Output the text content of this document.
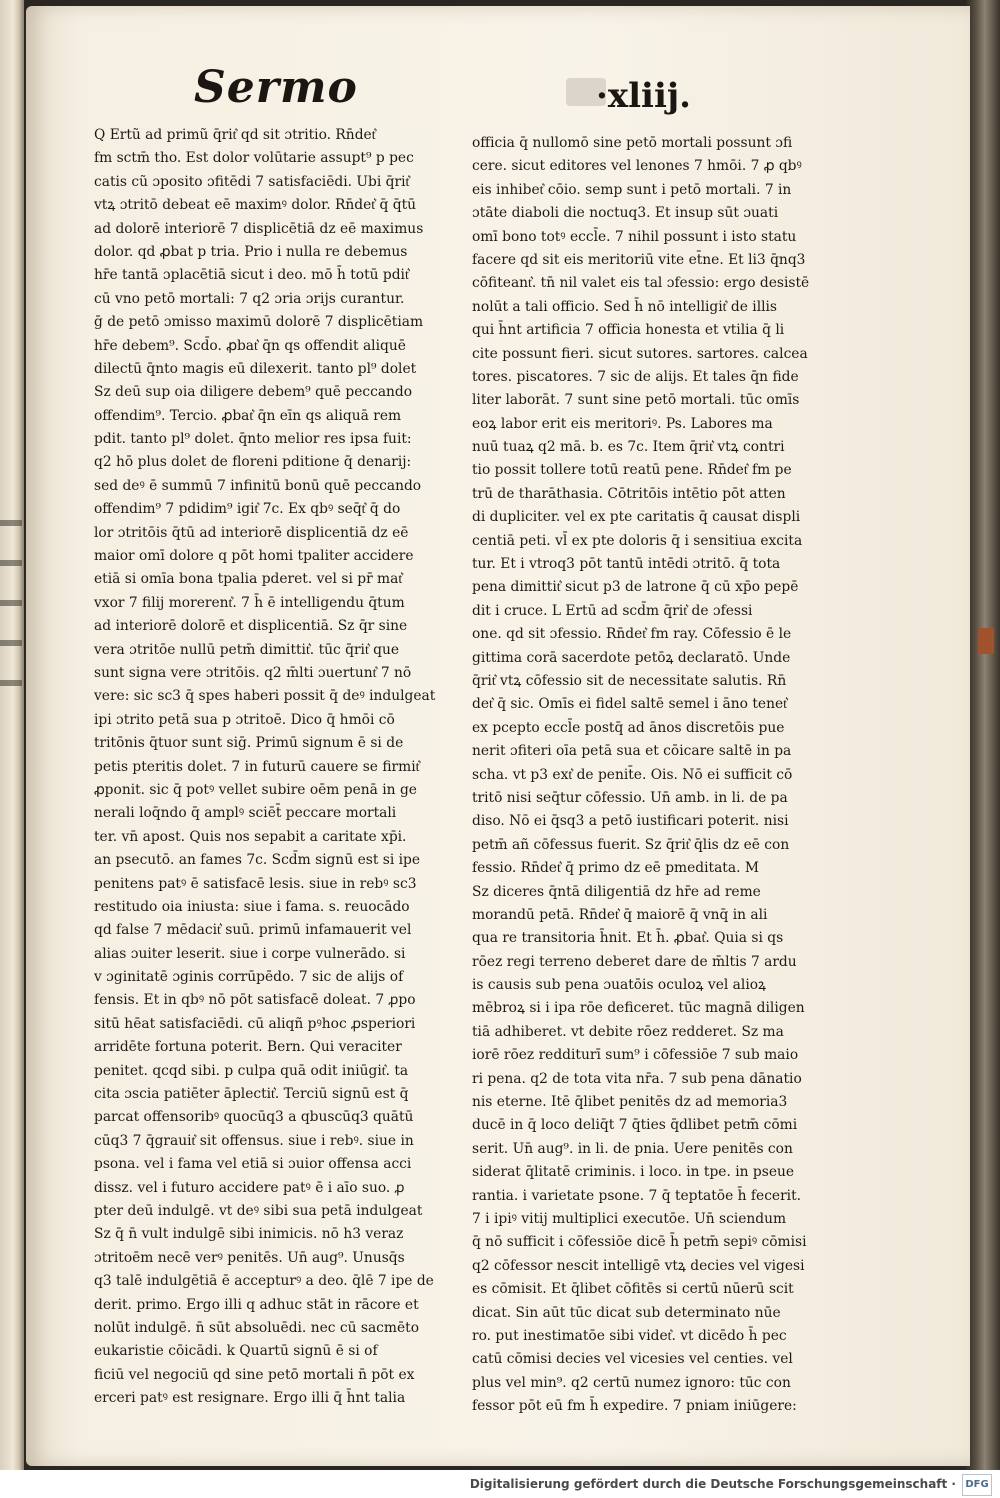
Sermo	·xliij.
Q Ertũ ad primũ q̄rit͛ qd sit ɔtritio. Rn̄det͛
fm sctm̄ tho. Est dolor volūtarie assupt⁹ p pec
catis cũ ɔposito ɔfitēdi 7 satisfaciēdi. Ubi q̄rit͛
vtꝝ ɔtritō debeat eē maximꝰ dolor. Rn̄det͛ q̄ q̄tū
ad dolorē interiorē 7 displicētiā dz eē maximus
dolor. qd ꝓbat p tria. Prio i nulla re debemus
hr̄e tantā ɔplacētiā sicut i deo. mō h̄ totū pdit͛
cū vno petō mortali: 7 q2 ɔria ɔrijs curantur.
ḡ de petō ɔmisso maximū dolorē 7 displicētiam
hr̄e debem⁹. Scd̄o. ꝓbat͛ q̄n qs offendit aliquē
dilectū q̄nto magis eū dilexerit. tanto pl⁹ dolet
Sz deū sup oia diligere debem⁹ quē peccando
offendim⁹. Tercio. ꝓbat͛ q̄n eīn qs aliquā rem
pdit. tanto pl⁹ dolet. q̄nto melior res ipsa fuit:
q2 hō plus dolet de floreni pditione q̄ denarij:
sed deꝰ ē summū 7 infinitū bonū quē peccando
offendim⁹ 7 pdidim⁹ igit͛ 7c. Ex qbꝰ seq̄t͛ q̄ do
lor ɔtritōis q̄tū ad interiorē displicentiā dz eē
maior omī dolore q pōt homi tpaliter accidere
etiā si omīa bona tpalia pderet. vel si pr̄ mat͛
vxor 7 filij morerent͛. 7 h̄ ē intelligendu q̄tum
ad interiorē dolorē et displicentiā. Sz q̄r sine
vera ɔtritōe nullū petm̄ dimittit͛. tūc q̄rit͛ que
sunt signa vere ɔtritōis. q2 m̄lti ɔuertunt͛ 7 nō
vere: sic sc3 q̄ spes haberi possit q̄ deꝰ indulgeat
ipi ɔtrito petā sua p ɔtritoē. Dico q̄ hmōi cō
tritōnis q̄tuor sunt siḡ. Primū signum ē si de
petis pteritis dolet. 7 in futurū cauere se firmit͛
ꝓponit. sic q̄ potꝰ vellet subire oēm penā in ge
nerali loq̄ndo q̄ amplꝰ sciēt̄ peccare mortali
ter. vn̄ apost. Quis nos sepabit a caritate xp̄i.
an psecutō. an fames 7c. Scd̄m signū est si ipe
penitens patꝰ ē satisfacē lesis. siue in rebꝰ sc3
restitudo oia iniusta: siue i fama. s. reuocādo
qd false 7 mēdacit͛ suū. primū infamauerit vel
alias ɔuiter leserit. siue i corpe vulnerādo. si
v ɔginitatē ɔginis corrūpēdo. 7 sic de alijs of
fensis. Et in qbꝰ nō pōt satisfacē doleat. 7 ꝓpo
sitū hēat satisfaciēdi. cū aliqñ pꝰhoc ꝓsperiori
arridēte fortuna poterit. Bern. Qui veraciter
penitet. qcqd sibi. p culpa quā odit iniūgit͛. ta
cita ɔscia patiēter āplectit͛. Terciū signū est q̄
parcat offensoribꝰ quocūq3 a qbuscūq3 quātū
cūq3 7 q̄grauit͛ sit offensus. siue i rebꝰ. siue in
psona. vel i fama vel etiā si ɔuior offensa acci
dissz. vel i futuro accidere patꝰ ē i aīo suo. ꝓ
pter deū indulgē. vt deꝰ sibi sua petā indulgeat
Sz q̄ n̄ vult indulgē sibi inimicis. nō h3 veraz
ɔtritoēm necē verꝰ penitēs. Un̄ aug⁹. Unusq̄s
q3 talē indulgētiā ē accepturꝰ a deo. q̄lē 7 ipe de
derit. primo. Ergo illi q adhuc stāt in rācore et
nolūt indulgē. n̄ sūt absoluēdi. nec cū sacmēto
eukaristie cōicādi. k Quartū signū ē si of
ficiū vel negociū qd sine petō mortali n̄ pōt ex
erceri patꝰ est resignare. Ergo illi q̄ h̄nt talia
officia q̄ nullomō sine petō mortali possunt ɔfi
cere. sicut editores vel lenones 7 hmōi. 7 ꝓ qbꝰ
eis inhibet͛ cōio. semp sunt i petō mortali. 7 in
ɔtāte diaboli die noctuq3. Et insup sūt ɔuati
omī bono totꝰ eccl̄e. 7 nihil possunt i isto statu
facere qd sit eis meritoriū vite et̄ne. Et li3 q̄nq3
cōfiteant͛. tn̄ nil valet eis tal ɔfessio: ergo desistē
nolūt a tali officio. Sed h̄ nō intelligit͛ de illis
qui h̄nt artificia 7 officia honesta et vtilia q̄ li
cite possunt fieri. sicut sutores. sartores. calcea
tores. piscatores. 7 sic de alijs. Et tales q̄n fide
liter laborāt. 7 sunt sine petō mortali. tūc omīs
eoꝝ labor erit eis meritoriꝰ. Ps. Labores ma
nuū tuaꝝ q2 mā. b. es 7c. Item q̄rit͛ vtꝝ contri
tio possit tollere totū reatū pene. Rn̄det͛ fm pe
trū de tharāthasia. Cōtritōis intētio pōt atten
di dupliciter. vel ex pte caritatis q̄ causat displi
centiā peti. vl̄ ex pte doloris q̄ i sensitiua excita
tur. Et i vtroq3 pōt tantū intēdi ɔtritō. q̄ tota
pena dimittit͛ sicut p3 de latrone q̄ cū xp̄o pepē
dit i cruce. L Ertū ad scd̄m q̄rit͛ de ɔfessi
one. qd sit ɔfessio. Rn̄det͛ fm ray. Cōfessio ē le
gittima corā sacerdote petōꝝ declaratō. Unde
q̄rit͛ vtꝝ cōfessio sit de necessitate salutis. Rn̄
det͛ q̄ sic. Omīs ei fidel saltē semel i āno tenet͛
ex pcepto eccl̄e postq̄ ad ānos discretōis pue
nerit ɔfiteri oīa petā sua et cōicare saltē in pa
scha. vt p3 ext͛ de penit̄e. Ois. Nō ei sufficit cō
tritō nisi seq̄tur cōfessio. Un̄ amb. in li. de pa
diso. Nō ei q̄sq3 a petō iustificari poterit. nisi
petm̄ añ cōfessus fuerit. Sz q̄rit͛ q̄lis dz eē con
fessio. Rn̄det͛ q̄ primo dz eē pmeditata. M
Sz diceres q̄ntā diligentiā dz hr̄e ad reme
morandū petā. Rn̄det͛ q̄ maiorē q̄ vnq̄ in ali
qua re transitoria h̄nit. Et h̄. ꝓbat͛. Quia si qs
rōez regi terreno deberet dare de m̄ltis 7 ardu
is causis sub pena ɔuatōis oculoꝝ vel alioꝝ
mēbroꝝ si i ipa rōe deficeret. tūc magnā diligen
tiā adhiberet. vt debite rōez redderet. Sz ma
iorē rōez redditurī sum⁹ i cōfessiōe 7 sub maio
ri pena. q2 de tota vita nr̄a. 7 sub pena dānatio
nis eterne. Itē q̄libet penitēs dz ad memoria3
ducē in q̄ loco deliq̄t 7 q̄ties q̄dlibet petm̄ cōmi
serit. Un̄ aug⁹. in li. de pnia. Uere penitēs con
siderat q̄litatē criminis. i loco. in tpe. in pseue
rantia. i varietate psone. 7 q̄ teptatōe h̄ fecerit.
7 i ipiꝰ vitij multiplici executōe. Un̄ sciendum
q̄ nō sufficit i cōfessiōe dicē h̄ petm̄ sepiꝰ cōmisi
q2 cōfessor nescit intelligē vtꝝ decies vel vigesi
es cōmisit. Et q̄libet cōfitēs si certū nūerū scit
dicat. Sin aūt tūc dicat sub determinato nūe
ro. put inestimatōe sibi videt͛. vt dicēdo h̄ pec
catū cōmisi decies vel vicesies vel centies. vel
plus vel min⁹. q2 certū numez ignoro: tūc con
fessor pōt eū fm h̄ expedire. 7 pniam iniūgere:
Digitalisierung gefördert durch die Deutsche Forschungsgemeinschaft · DFG
